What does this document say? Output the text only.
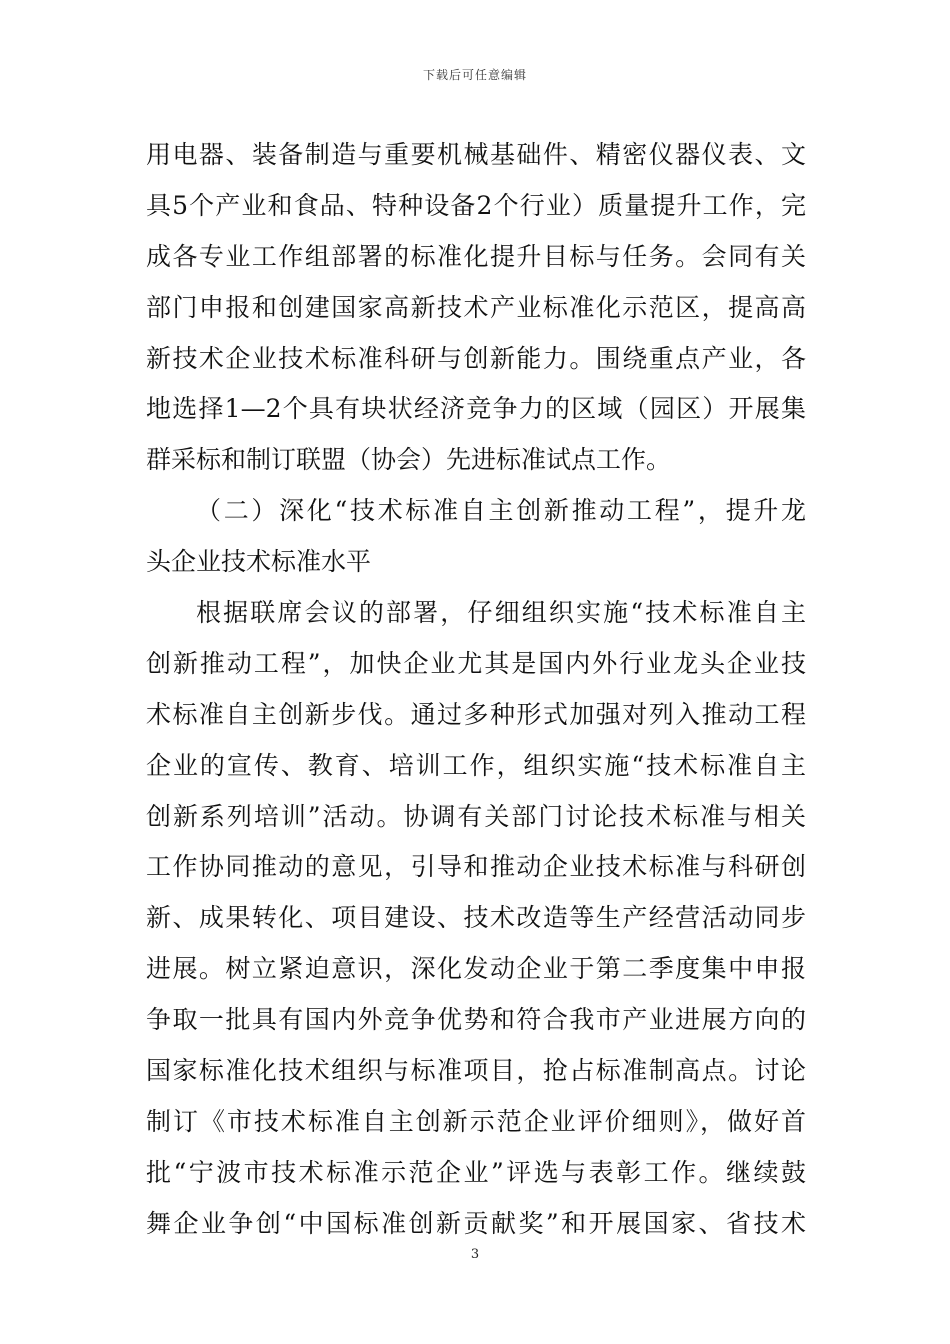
下载后可任意编辑
用电器、装备制造与重要机械基础件、精密仪器仪表、文
具5个产业和食品、特种设备2个行业）质量提升工作，完
成各专业工作组部署的标准化提升目标与任务。会同有关
部门申报和创建国家高新技术产业标准化示范区，提高高
新技术企业技术标准科研与创新能力。围绕重点产业，各
地选择1—2个具有块状经济竞争力的区域（园区）开展集
群采标和制订联盟（协会）先进标准试点工作。
（二）深化“技术标准自主创新推动工程”，提升龙
头企业技术标准水平
根据联席会议的部署，仔细组织实施“技术标准自主
创新推动工程”，加快企业尤其是国内外行业龙头企业技
术标准自主创新步伐。通过多种形式加强对列入推动工程
企业的宣传、教育、培训工作，组织实施“技术标准自主
创新系列培训”活动。协调有关部门讨论技术标准与相关
工作协同推动的意见，引导和推动企业技术标准与科研创
新、成果转化、项目建设、技术改造等生产经营活动同步
进展。树立紧迫意识，深化发动企业于第二季度集中申报
争取一批具有国内外竞争优势和符合我市产业进展方向的
国家标准化技术组织与标准项目，抢占标准制高点。讨论
制订《市技术标准自主创新示范企业评价细则》，做好首
批“宁波市技术标准示范企业”评选与表彰工作。继续鼓
舞企业争创“中国标准创新贡献奖”和开展国家、省技术
3
